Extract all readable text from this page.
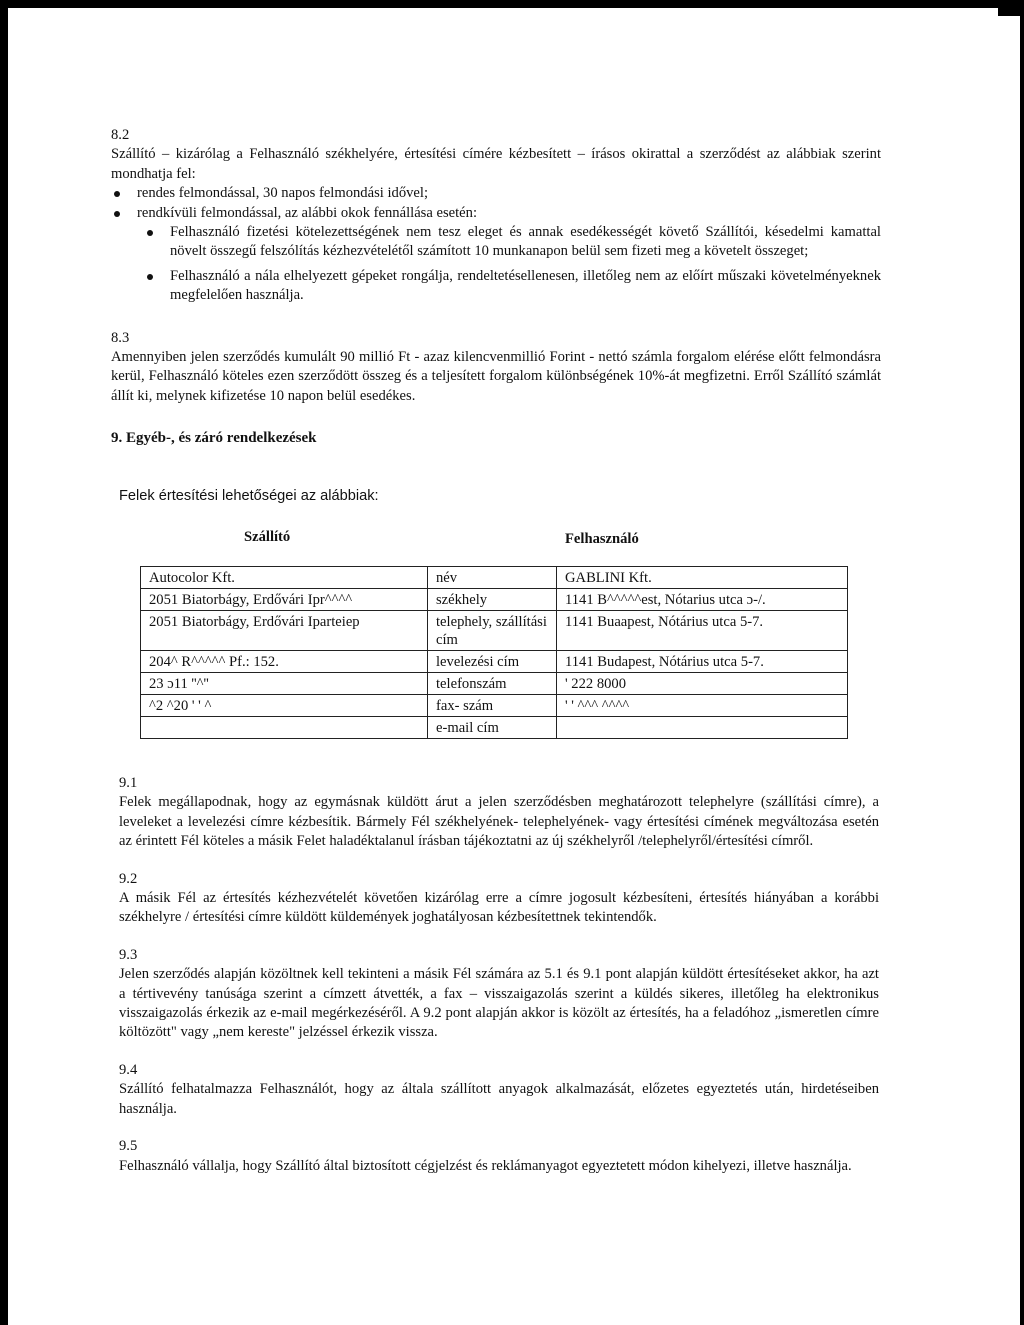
8.2

Szállító – kizárólag a Felhasználó székhelyére, értesítési címére kézbesített – írásos okirattal a szerződést az alábbiak szerint mondhatja fel:

rendes felmondással, 30 napos felmondási idővel;
rendkívüli felmondással, az alábbi okok fennállása esetén:
Felhasználó fizetési kötelezettségének nem tesz eleget és annak esedékességét követő Szállítói, késedelmi kamattal növelt összegű felszólítás kézhezvételétől számított 10 munkanapon belül sem fizeti meg a követelt összeget;
Felhasználó a nála elhelyezett gépeket rongálja, rendeltetésellenesen, illetőleg nem az előírt műszaki követelményeknek megfelelően használja.

8.3

Amennyiben jelen szerződés kumulált 90 millió Ft - azaz kilencvenmillió Forint - nettó számla forgalom elérése előtt felmondásra kerül, Felhasználó köteles ezen szerződött összeg és a teljesített forgalom különbségének 10%-át megfizetni. Erről Szállító számlát állít ki, melynek kifizetése 10 napon belül esedékes.

9. Egyéb-, és záró rendelkezések

Felek értesítési lehetőségei az alábbiak:

Szállító	Felhasználó
Autocolor Kft.	név	GABLINI Kft.
2051 Biatorbágy, Erdővári Ipr^^^^	székhely	1141 B^^^^^est, Nótarius utca ɔ-/.
2051 Biatorbágy, Erdővári Iparteiep	telephely, szállítási cím	1141 Buaapest, Nótárius utca 5-7.
204^ R^^^^^ Pf.: 152.	levelezési cím	1141 Budapest, Nótárius utca 5-7.
23 ɔ11 ''^''	telefonszám	' 222 8000
^2 ^20 ' ' ^	fax- szám	' ' ^^^ ^^^^
	e-mail cím	

9.1

Felek megállapodnak, hogy az egymásnak küldött árut a jelen szerződésben meghatározott telephelyre (szállítási címre), a leveleket a levelezési címre kézbesítik. Bármely Fél székhelyének- telephelyének- vagy értesítési címének megváltozása esetén az érintett Fél köteles a másik Felet haladéktalanul írásban tájékoztatni az új székhelyről /telephelyről/értesítési címről.

9.2

A másik Fél az értesítés kézhezvételét követően kizárólag erre a címre jogosult kézbesíteni, értesítés hiányában a korábbi székhelyre / értesítési címre küldött küldemények joghatályosan kézbesítettnek tekintendők.

9.3

Jelen szerződés alapján közöltnek kell tekinteni a másik Fél számára az 5.1 és 9.1 pont alapján küldött értesítéseket akkor, ha azt a tértivevény tanúsága szerint a címzett átvették, a fax – visszaigazolás szerint a küldés sikeres, illetőleg ha elektronikus visszaigazolás érkezik az e-mail megérkezéséről. A 9.2 pont alapján akkor is közölt az értesítés, ha a feladóhoz „ismeretlen címre költözött" vagy „nem kereste" jelzéssel érkezik vissza.

9.4

Szállító felhatalmazza Felhasználót, hogy az általa szállított anyagok alkalmazását, előzetes egyeztetés után, hirdetéseiben használja.

9.5

Felhasználó vállalja, hogy Szállító által biztosított cégjelzést és reklámanyagot egyeztetett módon kihelyezi, illetve használja.
